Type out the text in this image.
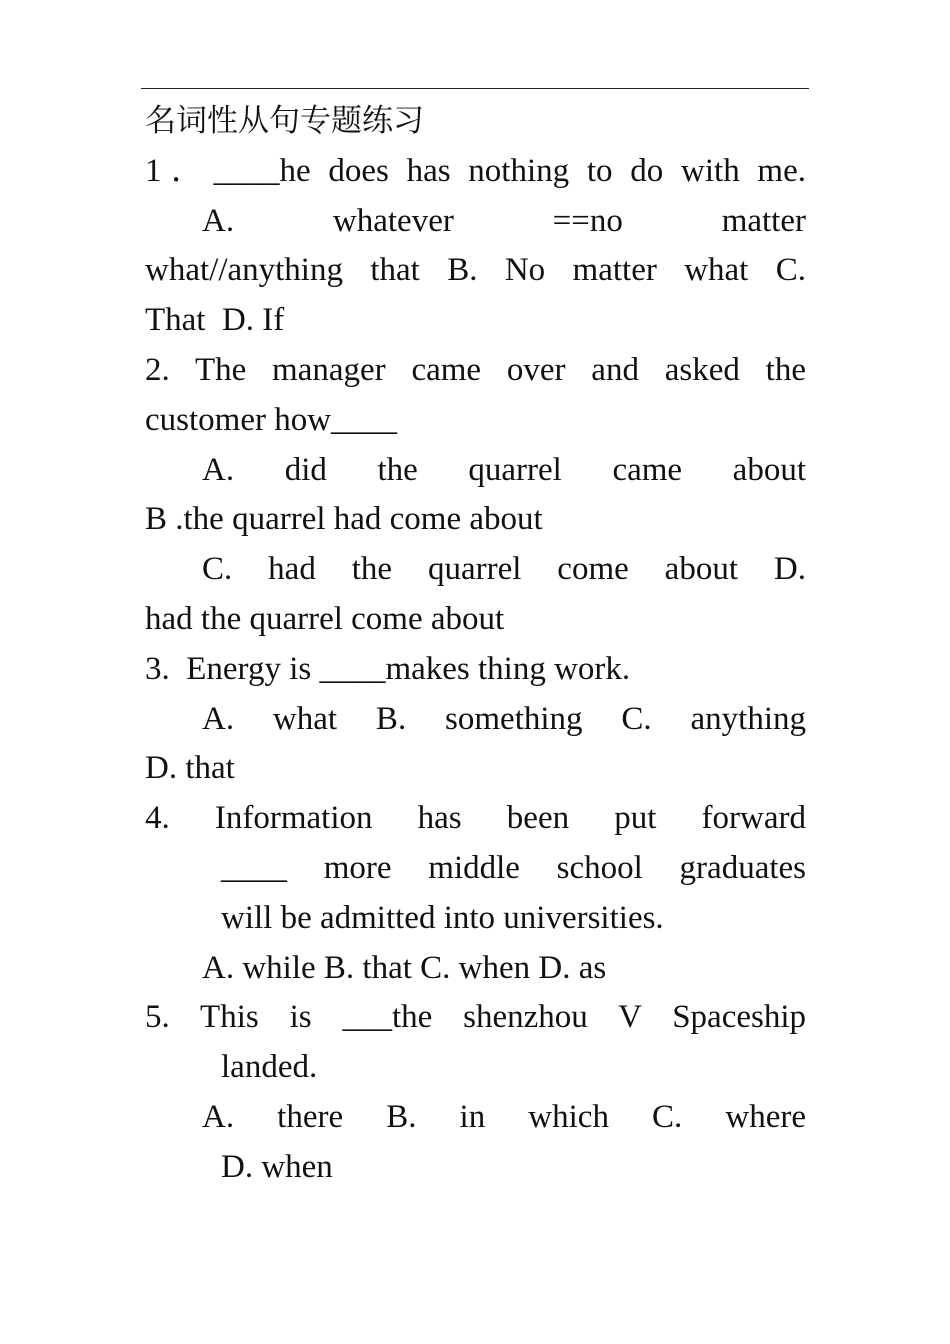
名词性从句专题练习
1．____he does has nothing to do with me.
A. whatever ==no matter
what//anything that B. No matter what C.
That  D. If
2. The manager came over and asked the
customer how____
A. did the quarrel came about
B .the quarrel had come about
C. had the quarrel come about D.
had the quarrel come about
3.  Energy is ____makes thing work.
A. what B. something C. anything
D. that
4. Information has been put forward
____ more middle school graduates
will be admitted into universities.
A. while B. that C. when D. as
5. This is ___the shenzhou V Spaceship
landed.
A. there B. in which C. where
D. when
